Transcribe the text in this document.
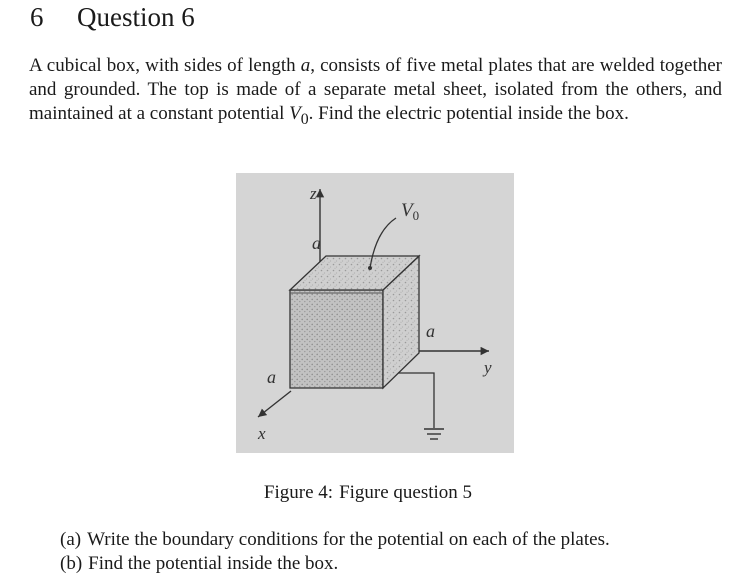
6 Question 6

A cubical box, with sides of length a, consists of five metal plates that are welded together and grounded. The top is made of a separate metal sheet, isolated from the others, and maintained at a constant potential $V_0$. Find the electric potential inside the box.

z
a
$V_0$
a
y
a
x

Figure 4: Figure question 5

(a) Write the boundary conditions for the potential on each of the plates.
(b) Find the potential inside the box.
